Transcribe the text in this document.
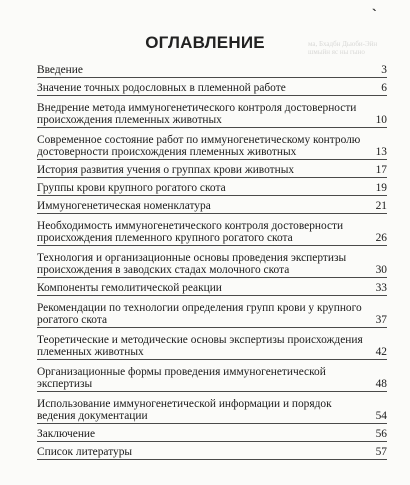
`
ма, Бхадбн Дьюби-Эйн
шмыйн яс ны гыно
ОГЛАВЛЕНИЕ
Введение	3
Значение точных родословных в племенной работе	6
Внедрение метода иммуногенетического контроля достоверности происхождения племенных животных	10
Современное состояние работ по иммуногенетическому контролю достоверности происхождения племенных животных	13
История развития учения о группах крови животных	17
Группы крови крупного рогатого скота	19
Иммуногенетическая номенклатура	21
Необходимость иммуногенетического контроля достоверности происхождения племенного крупного рогатого скота	26
Технология и организационные основы проведения экспертизы происхождения в заводских стадах молочного скота	30
Компоненты гемолитической реакции	33
Рекомендации по технологии определения групп крови у крупного рогатого скота	37
Теоретические и методические основы экспертизы происхождения племенных животных	42
Организационные формы проведения иммуногенетической экспертизы	48
Использование иммуногенетической информации и порядок ведения документации	54
Заключение	56
Список литературы	57
